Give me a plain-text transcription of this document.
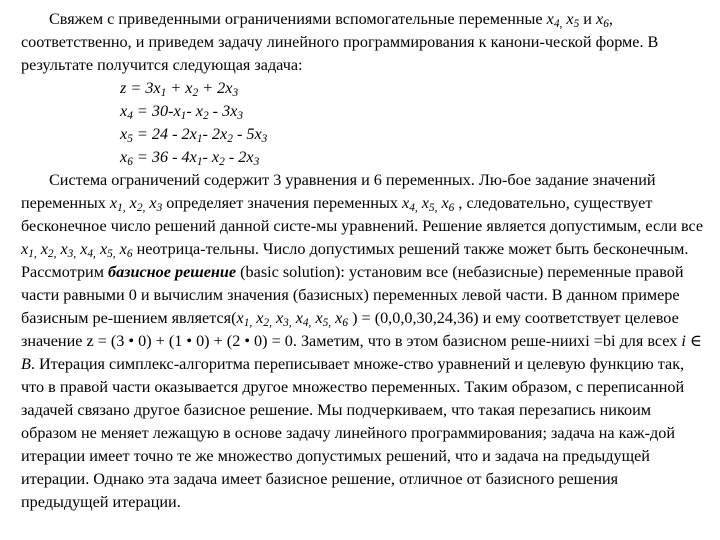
Свяжем с приведенными ограничениями вспомогательные переменные $x_{4,}$ $x_5$ и $x_6$, соответственно, и приведем задачу линейного программирования к канони-ческой форме. В результате получится следующая задача:

$z = 3x_1 + x_2 + 2x_3$

$x_4 = 30-x_1-$ $x_2 - 3x_3$

$x_5 = 24 - 2x_1-$ $2x_2 - 5x_3$

$x_6 = 36 - 4x_1-$ $x_2 - 2x_3$

Система ограничений содержит 3 уравнения и 6 переменных. Лю-бое задание значений переменных $x_{1,}$ $x_{2,}$ $x_3$ определяет значения переменных $x_{4,}$ $x_{5,}$ $x_6$ , следовательно, существует бесконечное число решений данной систе-мы уравнений. Решение является допустимым, если все $x_{1,}$ $x_{2,}$ $x_{3,}$ $x_{4,}$ $x_{5,}$ $x_6$ неотрица-тельны. Число допустимых решений также может быть бесконечным. Рассмотрим базисное решение (basic solution): установим все (небазисные) переменные правой части равными 0 и вычислим значения (базисных) переменных левой части. В данном примере базисным ре-шением $является(x_{1,}$ $x_{2,}$ $x_{3,}$ $x_{4,}$ $x_{5,}$ $x_6$ ) = (0,0,0,30,24,36) и ему соответствует целевое значение z = (3 • 0) + (1 • 0) + (2 • 0) = 0. Заметим, что в этом базисном реше-нииxi =bi для всех i ∈ B. Итерация симплекс-алгоритма переписывает множе-ство уравнений и целевую функцию так, что в правой части оказывается другое множество переменных. Таким образом, с переписанной задачей связано другое базисное решение. Мы подчеркиваем, что такая перезапись никоим образом не меняет лежащую в основе задачу линейного программирования; задача на каж-дой итерации имеет точно те же множество допустимых решений, что и задача на предыдущей итерации. Однако эта задача имеет базисное решение, отличное от базисного решения предыдущей итерации.
